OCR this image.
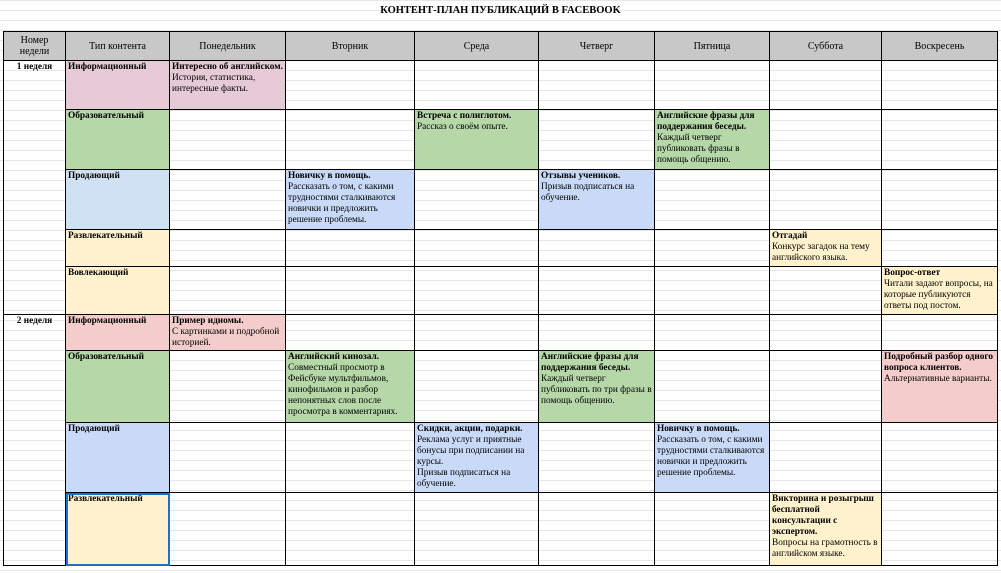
КОНТЕНТ-ПЛАН ПУБЛИКАЦИЙ В FACEBOOK
Номер недели	Тип контента	Понедельник	Вторник	Среда	Четверг	Пятница	Суббота	Воскресень
1 неделя	Информационный	Интересно об английском.
История, статистика, интересные факты.						
	Образовательный			Встреча с полиглотом.
Рассказ о своём опыте.		Английские фразы для поддержания беседы.
Каждый четверг публиковать фразы в помощь общению.		
	Продающий		Новичку в помощь.
Рассказать о том, с какими трудностями сталкиваются новички и предложить решение проблемы.		Отзывы учеников.
Призыв подписаться на обучение.			
	Развлекательный						Отгадай
Конкурс загадок на тему английского языка.	
	Вовлекающий							Вопрос-ответ
Читали задают вопросы, на которые публикуются ответы под постом.
2 неделя	Информационный	Пример идиомы.
С картинками и подробной историей.						
	Образовательный		Английский кинозал.
Совместный просмотр в Фейсбуке мультфильмов, кинофильмов и разбор непонятных слов после просмотра в комментариях.		Английские фразы для поддержания беседы.
Каждый четверг публиковать по три фразы в помощь общению.			Подробный разбор одного вопроса клиентов.
Альтернативные варианты.
	Продающий			Скидки, акции, подарки.
Реклама услуг и приятные бонусы при подписании на курсы.
Призыв подписаться на обучение.		Новичку в помощь.
Рассказать о том, с какими трудностями сталкиваются новички и предложить решение проблемы.		
	Развлекательный						Викторина и розыгрыш бесплатной консультации с экспертом.
Вопросы на грамотность в английском языке.	
